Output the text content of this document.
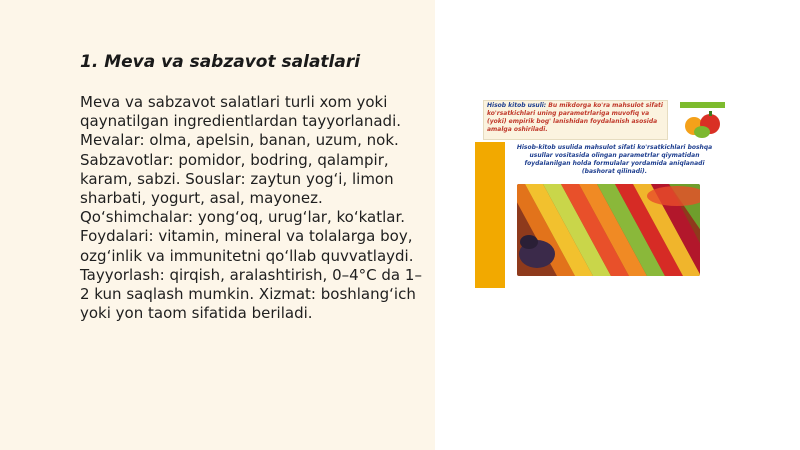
1. Meva va sabzavot salatlari

Meva va sabzavot salatlari turli xom yoki qaynatilgan ingredientlardan tayyorlanadi. Mevalar: olma, apelsin, banan, uzum, nok. Sabzavotlar: pomidor, bodring, qalampir, karam, sabzi. Souslar: zaytun yog‘i, limon sharbati, yogurt, asal, mayonez. Qo‘shimchalar: yong‘oq, urug‘lar, ko‘katlar. Foydalari: vitamin, mineral va tolalarga boy, ozg‘inlik va immunitetni qo‘llab quvvatlaydi. Tayyorlash: qirqish, aralashtirish, 0–4°C da 1–2 kun saqlash mumkin. Xizmat: boshlang‘ich yoki yon taom sifatida beriladi.

Hisob kitob usuli: Bu mikdorga ko'ra mahsulot sifati ko'rsatkichlari uning parametrlariga muvofiq va (yoki) empirik bog' lanishidan foydalanish asosida amalga oshiriladi.
Hisob-kitob usulida mahsulot sifati ko'rsatkichlari boshqa usullar vositasida olingan parametrlar qiymatidan foydalanilgan holda formulalar yordamida aniqlanadi (bashorat qilinadi).
